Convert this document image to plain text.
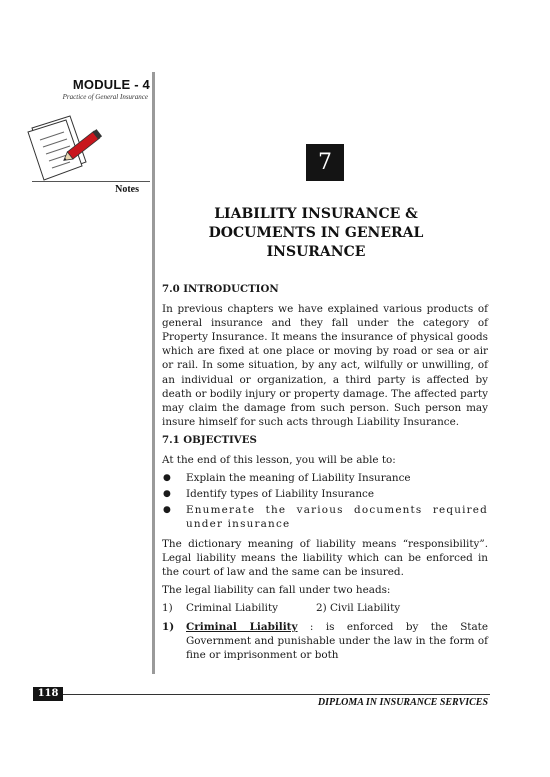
MODULE - 4
Practice of General Insurance
Notes
7
LIABILITY INSURANCE &
DOCUMENTS IN GENERAL
INSURANCE
7.0 INTRODUCTION

In previous chapters we have explained various products of general insurance and they fall under the category of Property Insurance. It means the insurance of physical goods which are fixed at one place or moving by road or sea or air or rail. In some situation, by any act, wilfully or unwilling, of an individual or organization, a third party is affected by death or bodily injury or property damage. The affected party may claim the damage from such person. Such person may insure himself for such acts through Liability Insurance.

7.1 OBJECTIVES

At the end of this lesson, you will be able to:

● Explain the meaning of Liability Insurance
● Identify types of Liability Insurance
● Enumerate the various documents required under insurance

The dictionary meaning of liability means “responsibility”. Legal liability means the liability which can be enforced in the court of law and the same can be insured.

The legal liability can fall under two heads:

1)	Criminal Liability	2) Civil Liability
1) Criminal Liability : is enforced by the State Government and punishable under the law in the form of fine or imprisonment or both
118
DIPLOMA IN INSURANCE SERVICES
